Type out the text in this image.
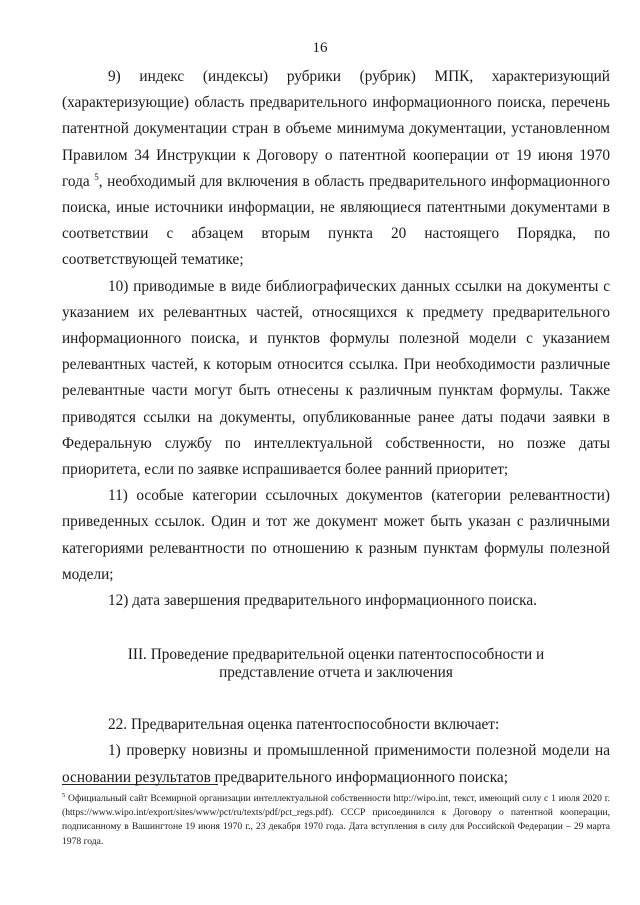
16

9) индекс (индексы) рубрики (рубрик) МПК, характеризующий (характеризующие) область предварительного информационного поиска, перечень патентной документации стран в объеме минимума документации, установленном Правилом 34 Инструкции к Договору о патентной кооперации от 19 июня 1970 года $^5$, необходимый для включения в область предварительного информационного поиска, иные источники информации, не являющиеся патентными документами в соответствии с абзацем вторым пункта 20 настоящего Порядка, по соответствующей тематике;

10) приводимые в виде библиографических данных ссылки на документы с указанием их релевантных частей, относящихся к предмету предварительного информационного поиска, и пунктов формулы полезной модели с указанием релевантных частей, к которым относится ссылка. При необходимости различные релевантные части могут быть отнесены к различным пунктам формулы. Также приводятся ссылки на документы, опубликованные ранее даты подачи заявки в Федеральную службу по интеллектуальной собственности, но позже даты приоритета, если по заявке испрашивается более ранний приоритет;

11) особые категории ссылочных документов (категории релевантности) приведенных ссылок. Один и тот же документ может быть указан с различными категориями релевантности по отношению к разным пунктам формулы полезной модели;

12) дата завершения предварительного информационного поиска.

III. Проведение предварительной оценки патентоспособности и представление отчета и заключения

22. Предварительная оценка патентоспособности включает:

1) проверку новизны и промышленной применимости полезной модели на основании результатов предварительного информационного поиска;

$^5$ Официальный сайт Всемирной организации интеллектуальной собственности http://wipo.int, текст, имеющий силу с 1 июля 2020 г. (https://www.wipo.int/export/sites/www/pct/ru/texts/pdf/pct_regs.pdf). СССР присоединился к Договору о патентной кооперации, подписанному в Вашингтоне 19 июня 1970 г., 23 декабря 1970 года. Дата вступления в силу для Российской Федерации – 29 марта 1978 года.
